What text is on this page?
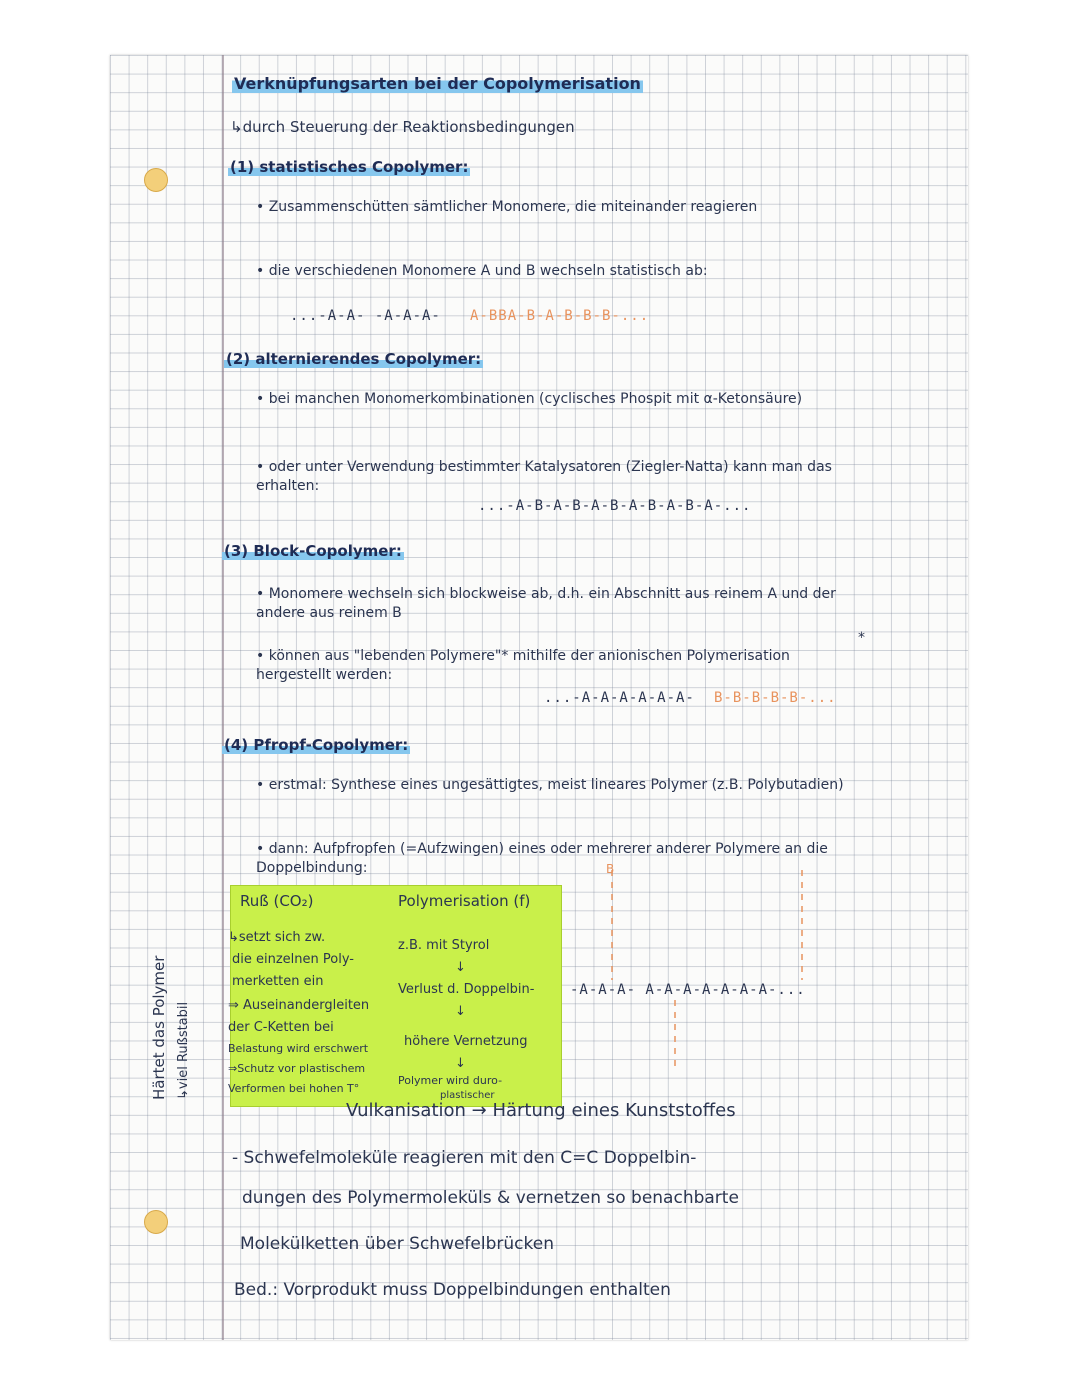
Verknüpfungsarten bei der Copolymerisation
↳durch Steuerung der Reaktionsbedingungen
(1) statistisches Copolymer:
• Zusammenschütten sämtlicher Monomere, die miteinander reagieren
• die verschiedenen Monomere A und B wechseln statistisch ab:
...-A-A- -A-A-A- A-BBA-B-A-B-B-B-...
(2) alternierendes Copolymer:
• bei manchen Monomerkombinationen (cyclisches Phospit mit α-Ketonsäure)
• oder unter Verwendung bestimmter Katalysatoren (Ziegler-Natta) kann man das erhalten:
...-A-B-A-B-A-B-A-B-A-B-A-...
(3) Block-Copolymer:
• Monomere wechseln sich blockweise ab, d.h. ein Abschnitt aus reinem A und der andere aus reinem B
• können aus "lebenden Polymere"* mithilfe der anionischen Polymerisation hergestellt werden:
...-A-A-A-A-A-A- B-B-B-B-B-...
*
(4) Pfropf-Copolymer:
• erstmal: Synthese eines ungesättigtes, meist lineares Polymer (z.B. Polybutadien)
• dann: Aufpfropfen (=Aufzwingen) eines oder mehrerer anderer Polymere an die Doppelbindung:
Ruß (CO₂)
↳setzt sich zw.
die einzelnen Poly-
merketten ein
⇒ Auseinandergleiten
der C-Ketten bei
Belastung wird erschwert
⇒Schutz vor plastischem
Verformen bei hohen T°
Polymerisation (f)
z.B. mit Styrol
↓
Verlust d. Doppelbin-
↓
höhere Vernetzung
↓
Polymer wird duro-
plastischer
-A-A-A- A-A-A-A-A-A-A-...
B
Härtet das Polymer ↳viel Rußstabil
Vulkanisation → Härtung eines Kunststoffes
- Schwefelmoleküle reagieren mit den C=C Doppelbin-
dungen des Polymermoleküls & vernetzen so benachbarte
Molekülketten über Schwefelbrücken
Bed.: Vorprodukt muss Doppelbindungen enthalten
